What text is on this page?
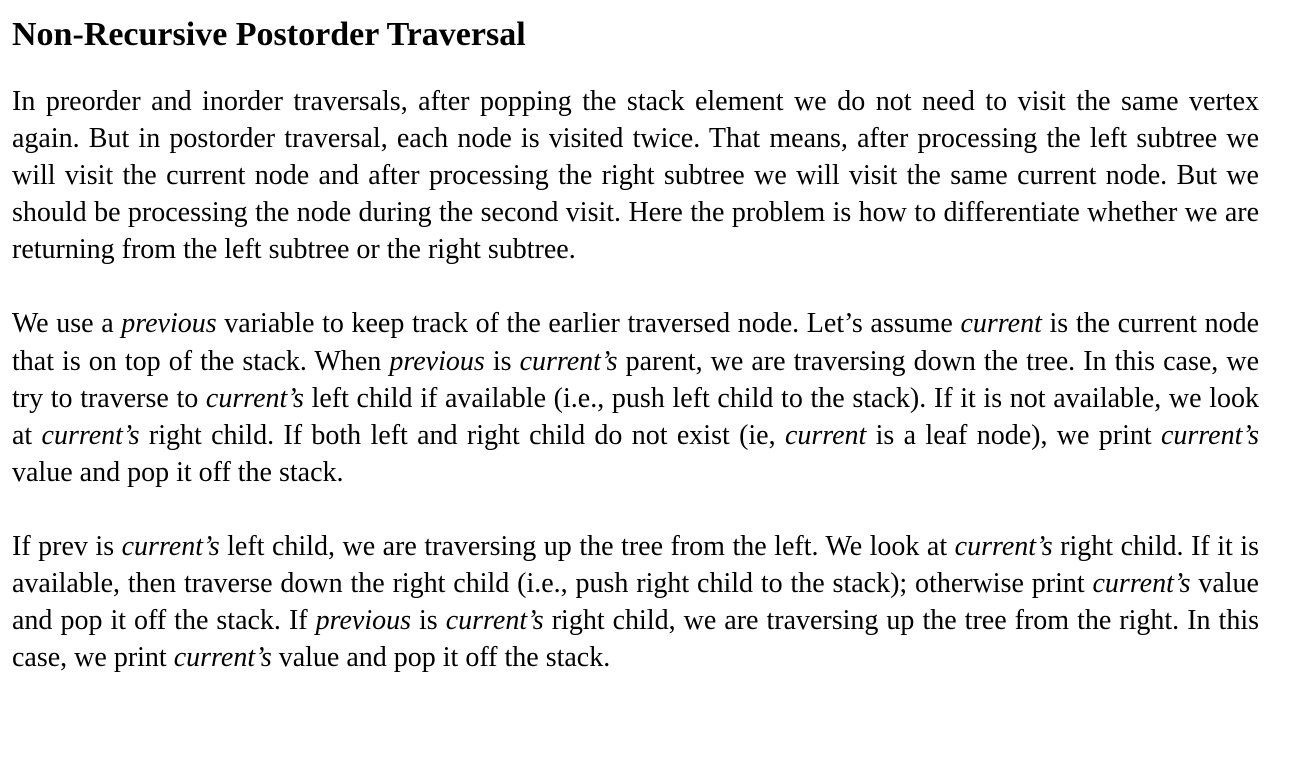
Non-Recursive Postorder Traversal

In preorder and inorder traversals, after popping the stack element we do not need to visit the same vertex again. But in postorder traversal, each node is visited twice. That means, after processing the left subtree we will visit the current node and after processing the right subtree we will visit the same current node. But we should be processing the node during the second visit. Here the problem is how to differentiate whether we are returning from the left subtree or the right subtree.

We use a previous variable to keep track of the earlier traversed node. Let’s assume current is the current node that is on top of the stack. When previous is current’s parent, we are traversing down the tree. In this case, we try to traverse to current’s left child if available (i.e., push left child to the stack). If it is not available, we look at current’s right child. If both left and right child do not exist (ie, current is a leaf node), we print current’s value and pop it off the stack.

If prev is current’s left child, we are traversing up the tree from the left. We look at current’s right child. If it is available, then traverse down the right child (i.e., push right child to the stack); otherwise print current’s value and pop it off the stack. If previous is current’s right child, we are traversing up the tree from the right. In this case, we print current’s value and pop it off the stack.
